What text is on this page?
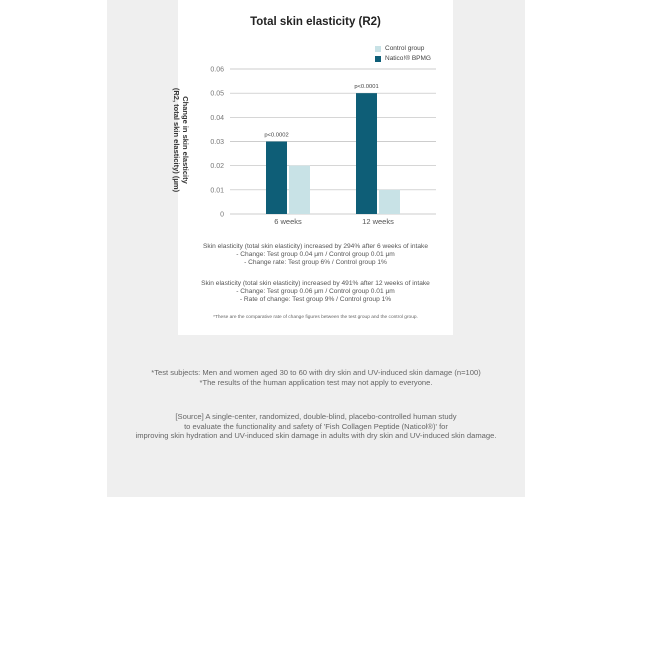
Total skin elasticity (R2)
Control group
Natico!® BPMG
Change in skin elasticity
(R2, total skin elasticity) (μm)
0
0.01
0.02
0.03
0.04
0.05
0.06
p<0.0002
6 weeks
p<0.0001
12 weeks
Skin elasticity (total skin elasticity) increased by 294% after 6 weeks of intake
- Change: Test group 0.04 μm / Control group 0.01 μm
- Change rate: Test group 6% / Control group 1%
Skin elasticity (total skin elasticity) increased by 491% after 12 weeks of intake
- Change: Test group 0.06 μm / Control group 0.01 μm
- Rate of change: Test group 9% / Control group 1%
*These are the comparative rate of change figures between the test group and the control group.
*Test subjects: Men and women aged 30 to 60 with dry skin and UV-induced skin damage (n=100)
*The results of the human application test may not apply to everyone.
[Source] A single-center, randomized, double-blind, placebo-controlled human study
to evaluate the functionality and safety of 'Fish Collagen Peptide (Naticol®)' for
improving skin hydration and UV-induced skin damage in adults with dry skin and UV-induced skin damage.
